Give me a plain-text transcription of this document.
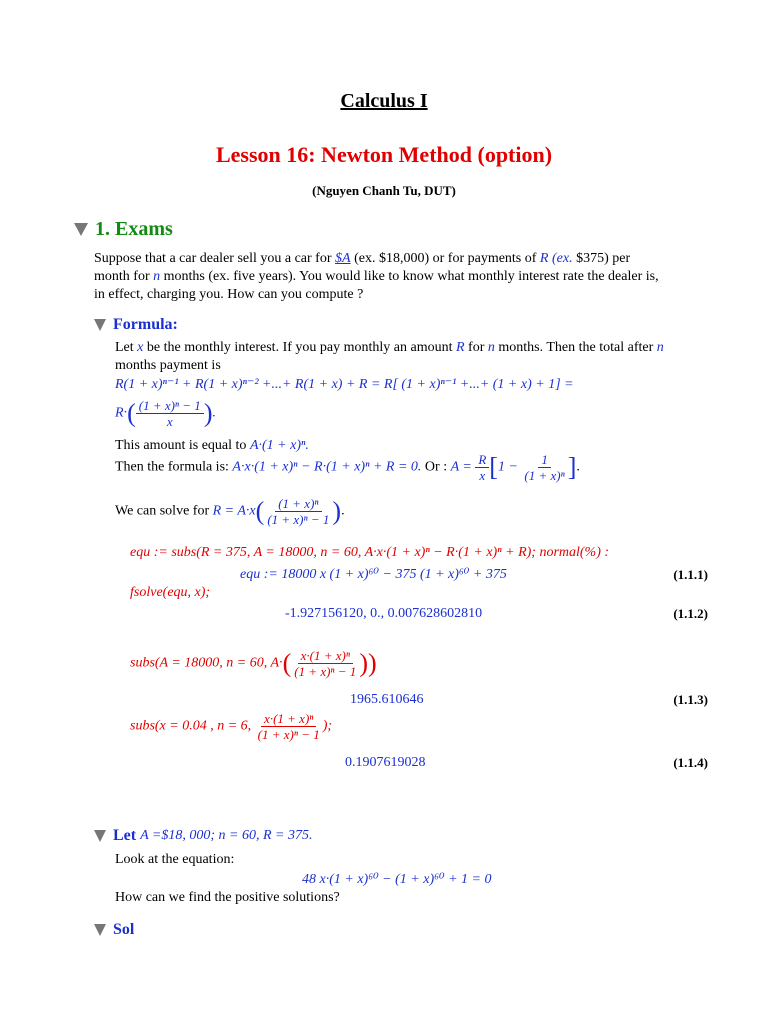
Calculus I
Lesson 16: Newton Method (option)
(Nguyen Chanh Tu, DUT)
1. Exams
Suppose that a car dealer sell you a car for $A (ex. $18,000) or for payments of R (ex. $375) per
month for n months (ex. five years). You would like to know what monthly interest rate the dealer is,
in effect, charging you. How can you compute ?
Formula:
Let x be the monthly interest. If you pay monthly an amount R for n months. Then the total after n
months payment is
R(1 + x)ⁿ⁻¹ + R(1 + x)ⁿ⁻² +...+ R(1 + x) + R = R[ (1 + x)ⁿ⁻¹ +...+ (1 + x) + 1] =
$R\cdot( \frac{\text{(1 + x)ⁿ − 1}}{x}$ ).
This amount is equal to A·(1 + x)ⁿ.
Then the formula is: A·x·(1 + x)ⁿ − R·(1 + x)ⁿ + R = 0. Or : $A = \frac{R}{x} [1 - \frac{1}{\text{(1 + x)ⁿ}}$ ].
We can solve for $R = A\cdot x( \frac{\text{(1 + x)ⁿ}}{\text{(1 + x)ⁿ − 1}}$ ).
equ := subs(R = 375, A = 18000, n = 60, A·x·(1 + x)ⁿ − R·(1 + x)ⁿ + R); normal(%) :
equ := 18000 x (1 + x)⁶⁰ − 375 (1 + x)⁶⁰ + 375	(1.1.1)
fsolve(equ, x);
-1.927156120, 0., 0.007628602810	(1.1.2)
subs(A = 18000, n = 60, $A\cdot( \frac{\text{x·(1 + x)ⁿ}}{\text{(1 + x)ⁿ − 1}}$ ))
1965.610646	(1.1.3)
subs(x = 0.04 , n = 6, $\frac{\text{x·(1 + x)ⁿ}}{\text{(1 + x)ⁿ − 1}}$ );
0.1907619028	(1.1.4)
Let A =$18, 000; n = 60, R = 375.
Look at the equation:
48 x·(1 + x)⁶⁰ − (1 + x)⁶⁰ + 1 = 0
How can we find the positive solutions?
Sol
